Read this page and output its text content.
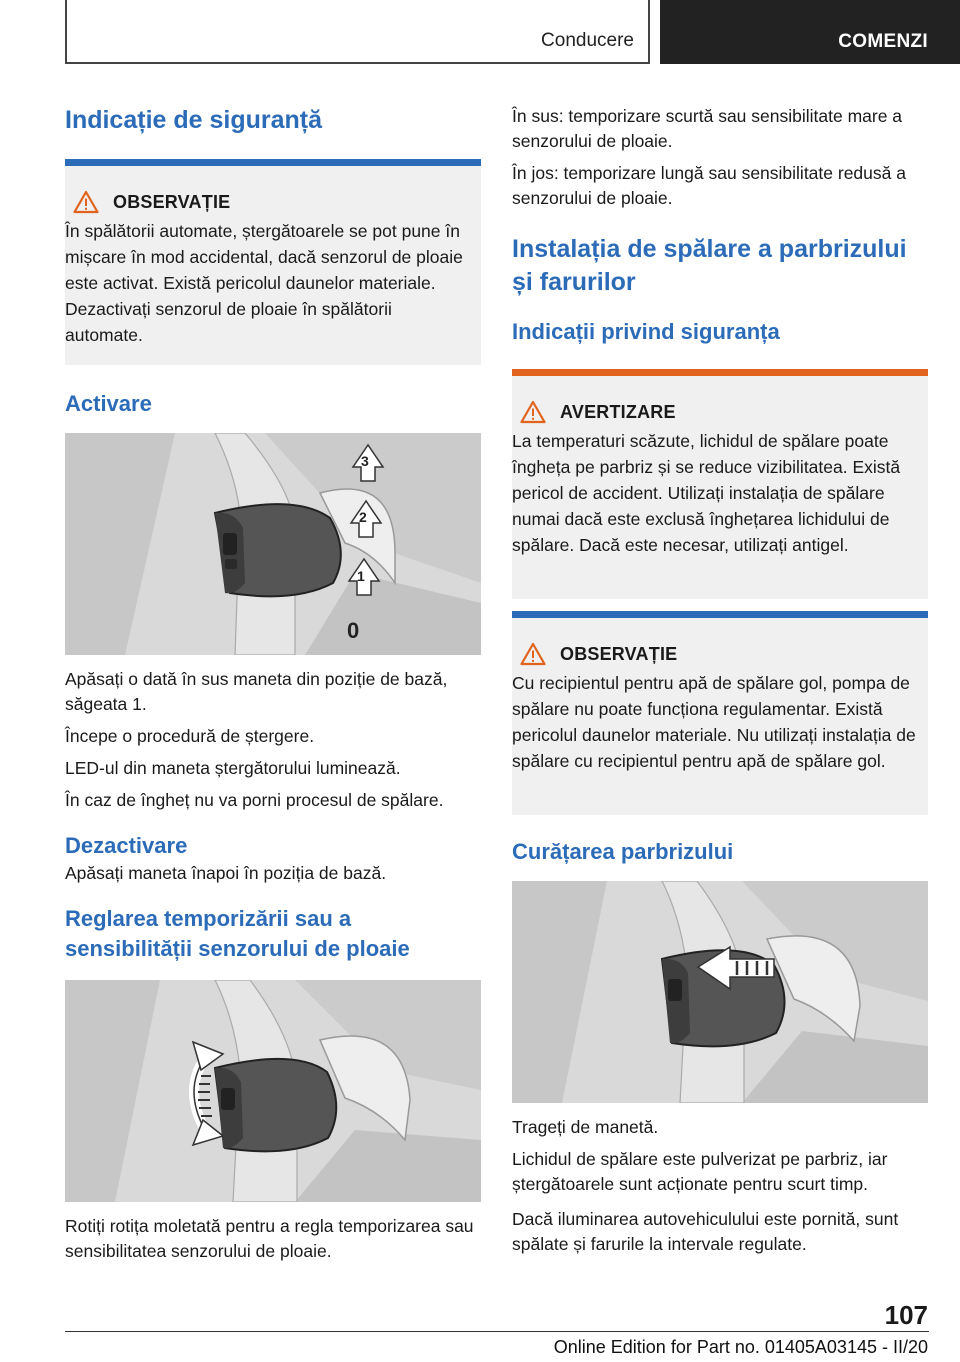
Conducere	COMENZI
Indicație de siguranță
OBSERVAȚIE
În spălătorii automate, ștergătoarele se pot pune în mișcare în mod accidental, dacă senzorul de ploaie este activat. Există pericolul daunelor materiale. Dezactivați senzorul de ploaie în spălătorii automate.
Activare
3
2
1
0

Apăsați o dată în sus maneta din poziție de bază, săgeata 1.

Începe o procedură de ștergere.

LED-ul din maneta ștergătorului luminează.

În caz de îngheț nu va porni procesul de spălare.

Dezactivare

Apăsați maneta înapoi în poziția de bază.

Reglarea temporizării sau a sensibilității senzorului de ploaie

Rotiți rotița moletată pentru a regla temporizarea sau sensibilitatea senzorului de ploaie.

În sus: temporizare scurtă sau sensibilitate mare a senzorului de ploaie.

În jos: temporizare lungă sau sensibilitate redusă a senzorului de ploaie.

Instalația de spălare a parbrizului și farurilor
Indicații privind siguranța
AVERTIZARE
La temperaturi scăzute, lichidul de spălare poate îngheța pe parbriz și se reduce vizibilitatea. Există pericol de accident. Utilizați instalația de spălare numai dacă este exclusă înghețarea lichidului de spălare. Dacă este necesar, utilizați antigel.
OBSERVAȚIE
Cu recipientul pentru apă de spălare gol, pompa de spălare nu poate funcționa regulamentar. Există pericolul daunelor materiale. Nu utilizați instalația de spălare cu recipientul pentru apă de spălare gol.
Curățarea parbrizului

Trageți de manetă.

Lichidul de spălare este pulverizat pe parbriz, iar ștergătoarele sunt acționate pentru scurt timp.

Dacă iluminarea autovehiculului este pornită, sunt spălate și farurile la intervale regulate.

107
Online Edition for Part no. 01405A03145 - II/20
